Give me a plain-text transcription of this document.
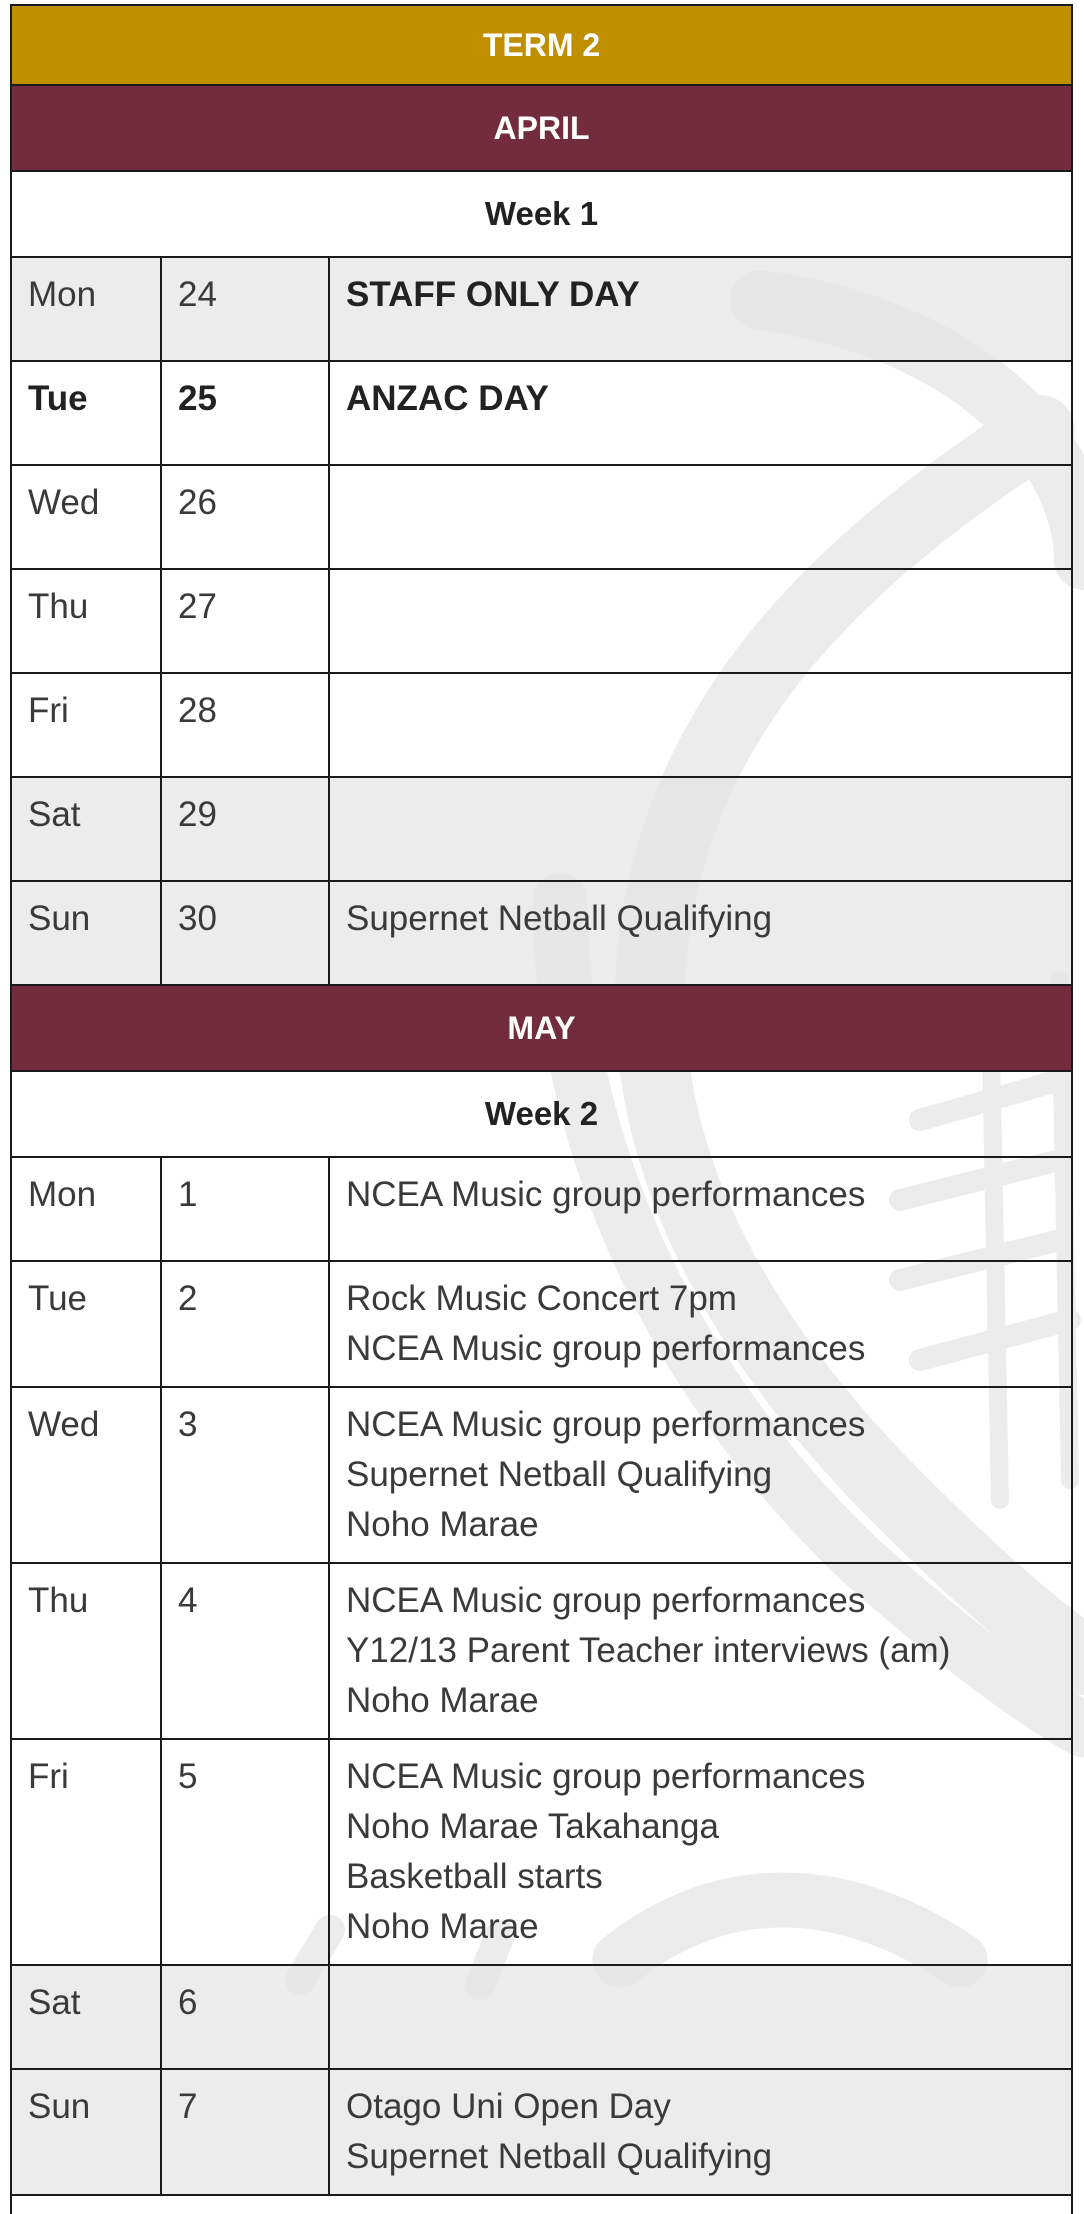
TERM 2		
APRIL		
Week 1		
Mon	24	STAFF ONLY DAY

Tue	25	ANZAC DAY

Wed	26	
Thu	27	
Fri	28	
Sat	29	
Sun	30	Supernet Netball Qualifying

MAY		
Week 2		
Mon	1	NCEA Music group performances

Tue	2	Rock Music Concert 7pm
NCEA Music group performances

Wed	3	NCEA Music group performances
Supernet Netball Qualifying
Noho Marae

Thu	4	NCEA Music group performances
Y12/13 Parent Teacher interviews (am)
Noho Marae

Fri	5	NCEA Music group performances
Noho Marae Takahanga
Basketball starts
Noho Marae

Sat	6	
Sun	7	Otago Uni Open Day
Supernet Netball Qualifying
